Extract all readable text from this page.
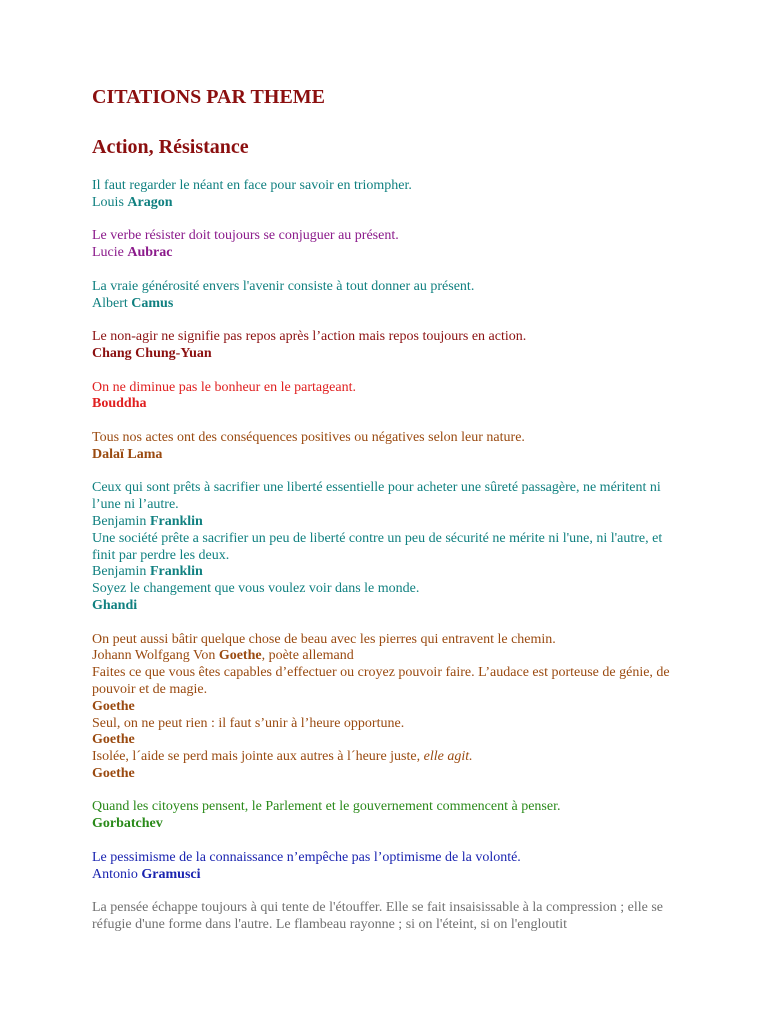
CITATIONS PAR THEME
Action, Résistance

Il faut regarder le néant en face pour savoir en triompher.

Louis Aragon

Le verbe résister doit toujours se conjuguer au présent.

Lucie Aubrac

La vraie générosité envers l'avenir consiste à tout donner au présent.

Albert Camus

Le non-agir ne signifie pas repos après l’action mais repos toujours en action.

Chang Chung-Yuan

On ne diminue pas le bonheur en le partageant.

Bouddha

Tous nos actes ont des conséquences positives ou négatives selon leur nature.

Dalaï Lama

Ceux qui sont prêts à sacrifier une liberté essentielle pour acheter une sûreté passagère, ne méritent ni l’une ni l’autre.

Benjamin Franklin

Une société prête a sacrifier un peu de liberté contre un peu de sécurité ne mérite ni l'une, ni l'autre, et finit par perdre les deux.

Benjamin Franklin

Soyez le changement que vous voulez voir dans le monde.

Ghandi

On peut aussi bâtir quelque chose de beau avec les pierres qui entravent le chemin.

Johann Wolfgang Von Goethe, poète allemand

Faites ce que vous êtes capables d’effectuer ou croyez pouvoir faire. L’audace est porteuse de génie, de pouvoir et de magie.

Goethe

Seul, on ne peut rien : il faut s’unir à l’heure opportune.

Goethe

Isolée, l´aide se perd mais jointe aux autres à l´heure juste, elle agit.

Goethe

Quand les citoyens pensent, le Parlement et le gouvernement commencent à penser.

Gorbatchev

Le pessimisme de la connaissance n’empêche pas l’optimisme de la volonté.

Antonio Gramusci

La pensée échappe toujours à qui tente de l'étouffer. Elle se fait insaisissable à la compression ; elle se réfugie d'une forme dans l'autre. Le flambeau rayonne ; si on l'éteint, si on l'engloutit
